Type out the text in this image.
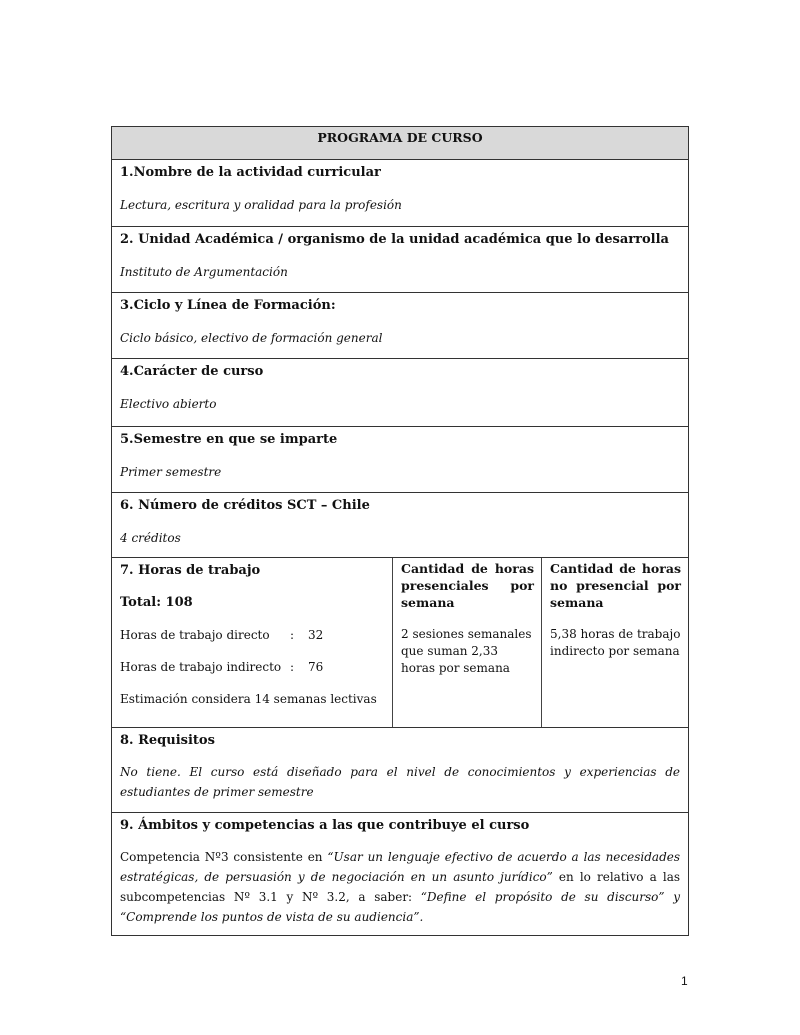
PROGRAMA DE CURSO
1.Nombre de la actividad curricular
Lectura, escritura y oralidad para la profesión
2. Unidad Académica / organismo de la unidad académica que lo desarrolla
Instituto de Argumentación
3.Ciclo y Línea de Formación:
Ciclo básico, electivo de formación general
4.Carácter de curso
Electivo abierto
5.Semestre en que se imparte
Primer semestre
6. Número de créditos SCT – Chile
4 créditos
7. Horas de trabajo
Total: 108
Horas de trabajo directo	:	32
Horas de trabajo indirecto :	76
Estimación considera 14 semanas lectivas
Cantidad de horas presenciales por semana
2 sesiones semanales que suman 2,33 horas por semana
Cantidad de horas no presencial por semana
5,38 horas de trabajo indirecto por semana
8. Requisitos
No tiene. El curso está diseñado para el nivel de conocimientos y experiencias de estudiantes de primer semestre
9. Ámbitos y competencias a las que contribuye el curso
Competencia Nº3 consistente en “Usar un lenguaje efectivo de acuerdo a las necesidades estratégicas, de persuasión y de negociación en un asunto jurídico” en lo relativo a las subcompetencias Nº 3.1 y Nº 3.2, a saber: “Define el propósito de su discurso” y “Comprende los puntos de vista de su audiencia”.
1
